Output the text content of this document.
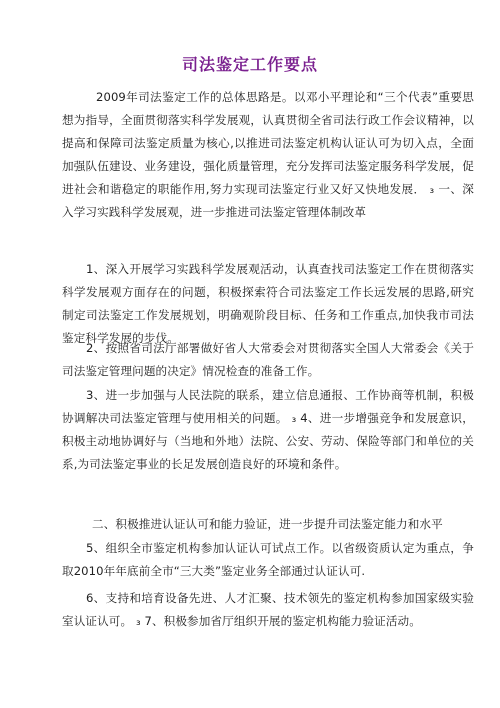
司法鉴定工作要点

2009年司法鉴定工作的总体思路是。以邓小平理论和“三个代表”重要思想为指导，全面贯彻落实科学发展观，认真贯彻全省司法行政工作会议精神，以提高和保障司法鉴定质量为核心,以推进司法鉴定机构认证认可为切入点，全面加强队伍建设、业务建设，强化质量管理，充分发挥司法鉴定服务科学发展，促进社会和谐稳定的职能作用,努力实现司法鉴定行业又好又快地发展． ₃ 一、深入学习实践科学发展观，进一步推进司法鉴定管理体制改革

1、深入开展学习实践科学发展观活动，认真查找司法鉴定工作在贯彻落实科学发展观方面存在的问题，积极探索符合司法鉴定工作长远发展的思路,研究制定司法鉴定工作发展规划，明确观阶段目标、任务和工作重点,加快我市司法鉴定科学发展的步伐。

2、按照省司法厅部署做好省人大常委会对贯彻落实全国人大常委会《关于司法鉴定管理问题的决定》情况检查的准备工作。

3、进一步加强与人民法院的联系，建立信息通报、工作协商等机制，积极协调解决司法鉴定管理与使用相关的问题。 ₃ 4、进一步增强竞争和发展意识，积极主动地协调好与（当地和外地）法院、公安、劳动、保险等部门和单位的关系,为司法鉴定事业的长足发展创造良好的环境和条件。

二、积极推进认证认可和能力验证，进一步提升司法鉴定能力和水平

5、组织全市鉴定机构参加认证认可试点工作。以省级资质认定为重点，争取2010年年底前全市“三大类”鉴定业务全部通过认证认可.

6、支持和培育设备先进、人才汇聚、技术领先的鉴定机构参加国家级实验室认证认可。 ₃ 7、积极参加省厅组织开展的鉴定机构能力验证活动。
